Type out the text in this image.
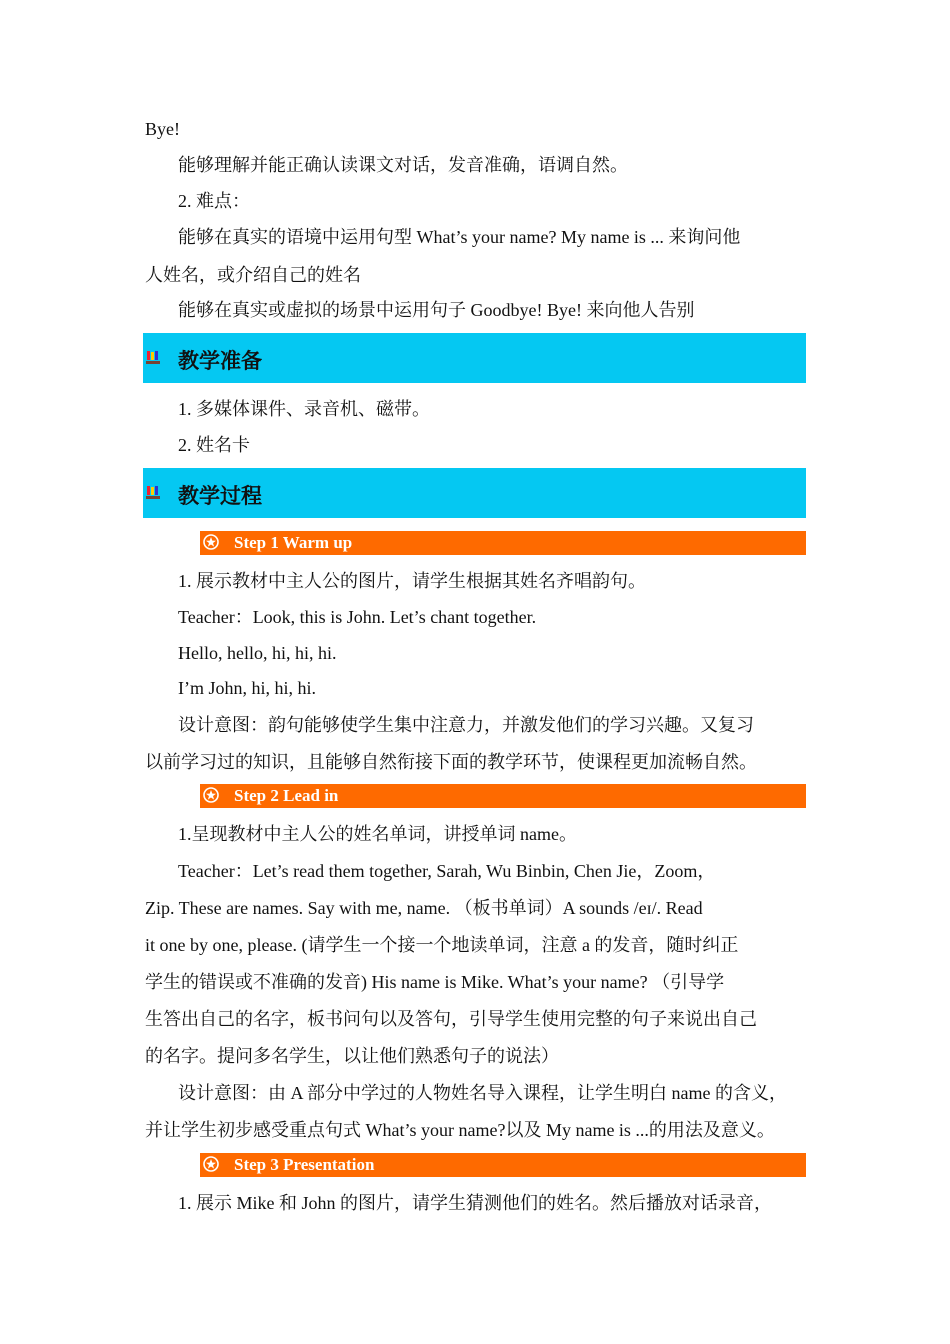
Bye!
能够理解并能正确认读课文对话，发音准确，语调自然。
2. 难点：
能够在真实的语境中运用句型 What’s your name? My name is ... 来询问他
人姓名，或介绍自己的姓名
能够在真实或虚拟的场景中运用句子 Goodbye! Bye! 来向他人告别
教学准备
1. 多媒体课件、录音机、磁带。
2. 姓名卡
教学过程
Step 1 Warm up
1. 展示教材中主人公的图片，请学生根据其姓名齐唱韵句。
Teacher：Look, this is John. Let’s chant together.
Hello, hello, hi, hi, hi.
I’m John, hi, hi, hi.
设计意图：韵句能够使学生集中注意力，并激发他们的学习兴趣。又复习
以前学习过的知识，且能够自然衔接下面的教学环节，使课程更加流畅自然。
Step 2 Lead in
1.呈现教材中主人公的姓名单词，讲授单词 name。
Teacher：Let’s read them together, Sarah, Wu Binbin, Chen Jie，Zoom，
Zip. These are names. Say with me, name. （板书单词）A sounds /eɪ/. Read
it one by one, please. (请学生一个接一个地读单词，注意 a 的发音，随时纠正
学生的错误或不准确的发音) His name is Mike. What’s your name? （引导学
生答出自己的名字，板书问句以及答句，引导学生使用完整的句子来说出自己
的名字。提问多名学生，以让他们熟悉句子的说法）
设计意图：由 A 部分中学过的人物姓名导入课程，让学生明白 name 的含义，
并让学生初步感受重点句式 What’s your name?以及 My name is ...的用法及意义。
Step 3 Presentation
1. 展示 Mike 和 John 的图片，请学生猜测他们的姓名。然后播放对话录音，
